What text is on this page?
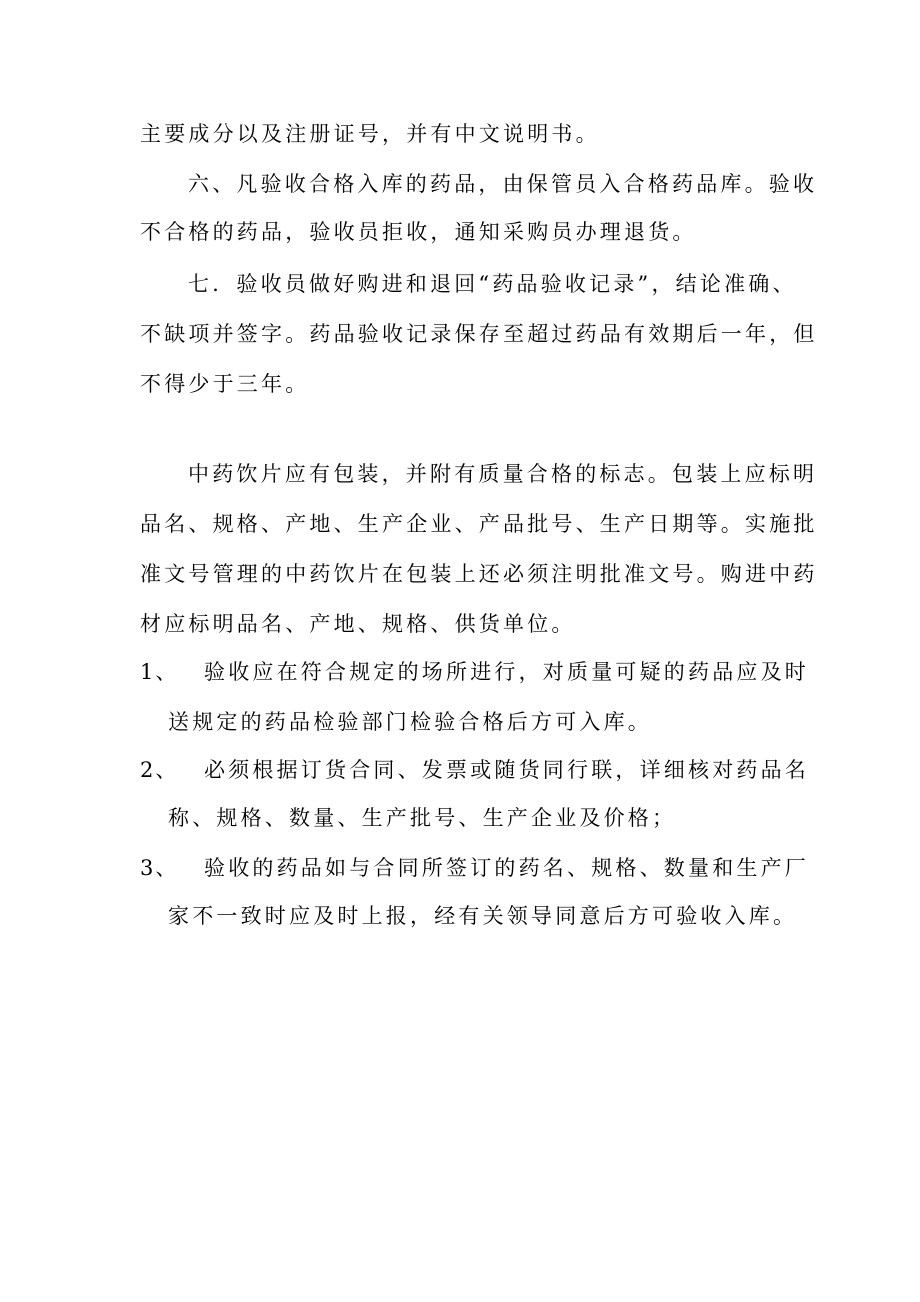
主要成分以及注册证号，并有中文说明书。
六、凡验收合格入库的药品，由保管员入合格药品库。验收
不合格的药品，验收员拒收，通知采购员办理退货。
七．验收员做好购进和退回“药品验收记录”，结论准确、
不缺项并签字。药品验收记录保存至超过药品有效期后一年，但
不得少于三年。
中药饮片应有包装，并附有质量合格的标志。包装上应标明
品名、规格、产地、生产企业、产品批号、生产日期等。实施批
准文号管理的中药饮片在包装上还必须注明批准文号。购进中药
材应标明品名、产地、规格、供货单位。
1、 验收应在符合规定的场所进行，对质量可疑的药品应及时
送规定的药品检验部门检验合格后方可入库。
2、 必须根据订货合同、发票或随货同行联，详细核对药品名
称、规格、数量、生产批号、生产企业及价格；
3、 验收的药品如与合同所签订的药名、规格、数量和生产厂
家不一致时应及时上报，经有关领导同意后方可验收入库。
